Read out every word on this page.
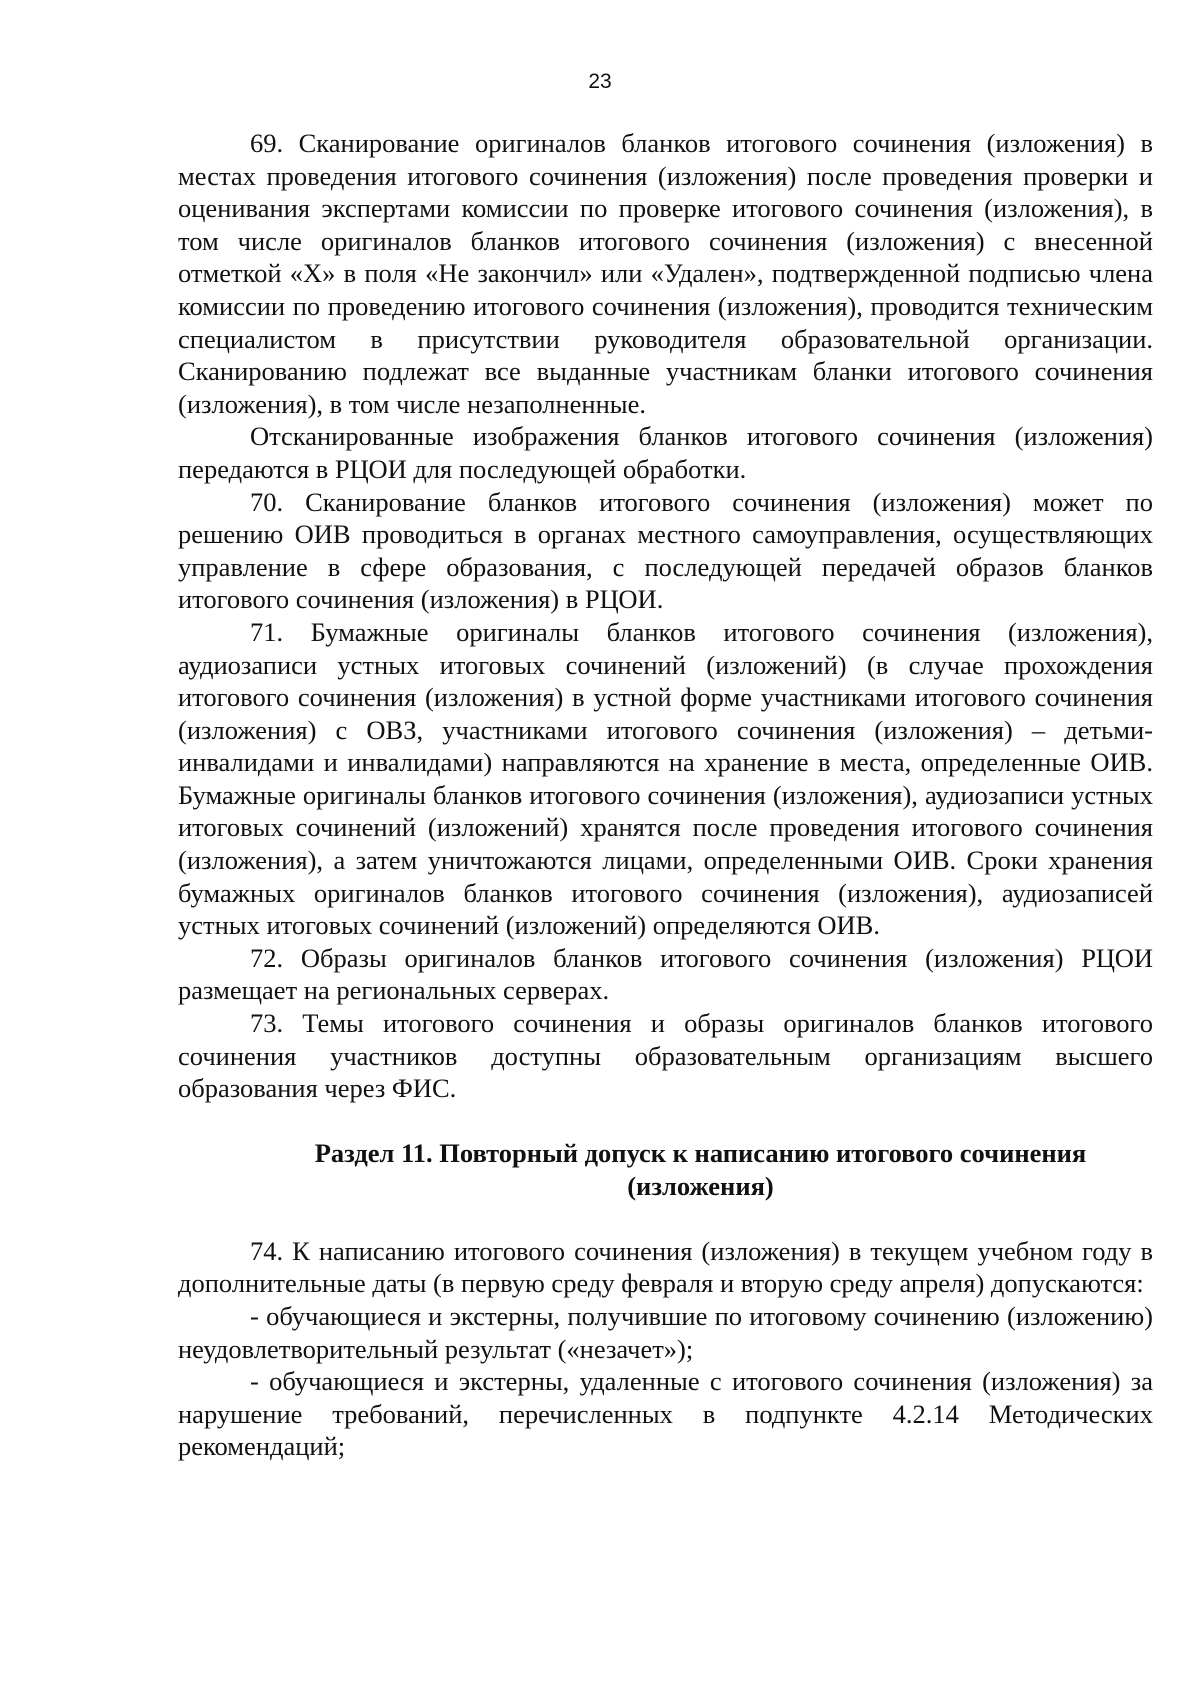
23

69. Сканирование оригиналов бланков итогового сочинения (изложения) в местах проведения итогового сочинения (изложения) после проведения проверки и оценивания экспертами комиссии по проверке итогового сочинения (изложения), в том числе оригиналов бланков итогового сочинения (изложения) с внесенной отметкой «Х» в поля «Не закончил» или «Удален», подтвержденной подписью члена комиссии по проведению итогового сочинения (изложения), проводится техническим специалистом в присутствии руководителя образовательной организации. Сканированию подлежат все выданные участникам бланки итогового сочинения (изложения), в том числе незаполненные.

Отсканированные изображения бланков итогового сочинения (изложения) передаются в РЦОИ для последующей обработки.

70. Сканирование бланков итогового сочинения (изложения) может по решению ОИВ проводиться в органах местного самоуправления, осуществляющих управление в сфере образования, с последующей передачей образов бланков итогового сочинения (изложения) в РЦОИ.

71. Бумажные оригиналы бланков итогового сочинения (изложения), аудиозаписи устных итоговых сочинений (изложений) (в случае прохождения итогового сочинения (изложения) в устной форме участниками итогового сочинения (изложения) с ОВЗ, участниками итогового сочинения (изложения) – детьми-инвалидами и инвалидами) направляются на хранение в места, определенные ОИВ. Бумажные оригиналы бланков итогового сочинения (изложения), аудиозаписи устных итоговых сочинений (изложений) хранятся после проведения итогового сочинения (изложения), а затем уничтожаются лицами, определенными ОИВ. Сроки хранения бумажных оригиналов бланков итогового сочинения (изложения), аудиозаписей устных итоговых сочинений (изложений) определяются ОИВ.

72. Образы оригиналов бланков итогового сочинения (изложения) РЦОИ размещает на региональных серверах.

73. Темы итогового сочинения и образы оригиналов бланков итогового сочинения участников доступны образовательным организациям высшего образования через ФИС.

Раздел 11. Повторный допуск к написанию итогового сочинения
(изложения)

74. К написанию итогового сочинения (изложения) в текущем учебном году в дополнительные даты (в первую среду февраля и вторую среду апреля) допускаются:

- обучающиеся и экстерны, получившие по итоговому сочинению (изложению) неудовлетворительный результат («незачет»);

- обучающиеся и экстерны, удаленные с итогового сочинения (изложения) за нарушение требований, перечисленных в подпункте 4.2.14 Методических рекомендаций;
